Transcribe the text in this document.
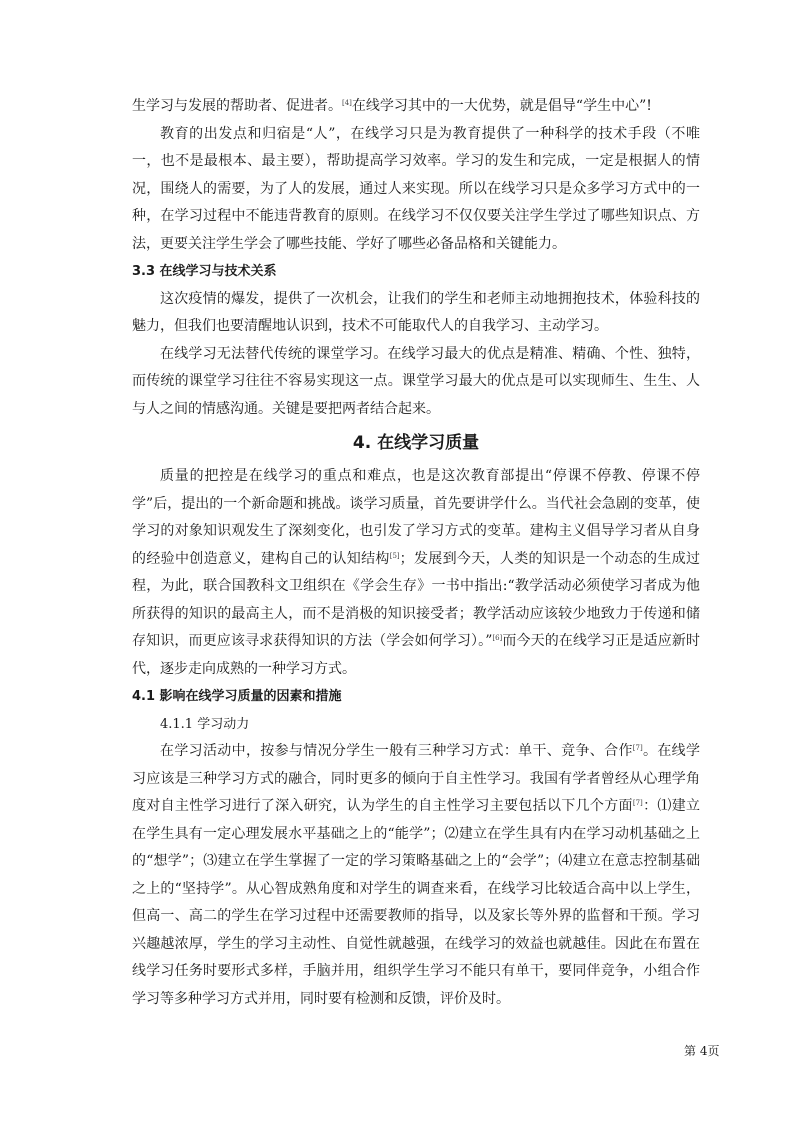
生学习与发展的帮助者、促进者。[4]在线学习其中的一大优势，就是倡导“学生中心”!

教育的出发点和归宿是“人”，在线学习只是为教育提供了一种科学的技术手段（不唯一，也不是最根本、最主要），帮助提高学习效率。学习的发生和完成，一定是根据人的情况，围绕人的需要，为了人的发展，通过人来实现。所以在线学习只是众多学习方式中的一种，在学习过程中不能违背教育的原则。在线学习不仅仅要关注学生学过了哪些知识点、方法，更要关注学生学会了哪些技能、学好了哪些必备品格和关键能力。

3.3 在线学习与技术关系

这次疫情的爆发，提供了一次机会，让我们的学生和老师主动地拥抱技术，体验科技的魅力，但我们也要清醒地认识到，技术不可能取代人的自我学习、主动学习。

在线学习无法替代传统的课堂学习。在线学习最大的优点是精准、精确、个性、独特，而传统的课堂学习往往不容易实现这一点。课堂学习最大的优点是可以实现师生、生生、人与人之间的情感沟通。关键是要把两者结合起来。

4. 在线学习质量

质量的把控是在线学习的重点和难点，也是这次教育部提出“停课不停教、停课不停学”后，提出的一个新命题和挑战。谈学习质量，首先要讲学什么。当代社会急剧的变革，使学习的对象知识观发生了深刻变化，也引发了学习方式的变革。建构主义倡导学习者从自身的经验中创造意义，建构自己的认知结构[5]；发展到今天，人类的知识是一个动态的生成过程，为此，联合国教科文卫组织在《学会生存》一书中指出:“教学活动必须使学习者成为他所获得的知识的最高主人，而不是消极的知识接受者；教学活动应该较少地致力于传递和储存知识，而更应该寻求获得知识的方法（学会如何学习）。”[6]而今天的在线学习正是适应新时代，逐步走向成熟的一种学习方式。

4.1 影响在线学习质量的因素和措施
4.1.1 学习动力

在学习活动中，按参与情况分学生一般有三种学习方式：单干、竞争、合作[7]。在线学习应该是三种学习方式的融合，同时更多的倾向于自主性学习。我国有学者曾经从心理学角度对自主性学习进行了深入研究，认为学生的自主性学习主要包括以下几个方面[7]：⑴建立在学生具有一定心理发展水平基础之上的“能学”；⑵建立在学生具有内在学习动机基础之上的“想学”；⑶建立在学生掌握了一定的学习策略基础之上的“会学”；⑷建立在意志控制基础之上的“坚持学”。从心智成熟角度和对学生的调查来看，在线学习比较适合高中以上学生，但高一、高二的学生在学习过程中还需要教师的指导，以及家长等外界的监督和干预。学习兴趣越浓厚，学生的学习主动性、自觉性就越强，在线学习的效益也就越佳。因此在布置在线学习任务时要形式多样，手脑并用，组织学生学习不能只有单干，要同伴竞争，小组合作学习等多种学习方式并用，同时要有检测和反馈，评价及时。

第 4页
